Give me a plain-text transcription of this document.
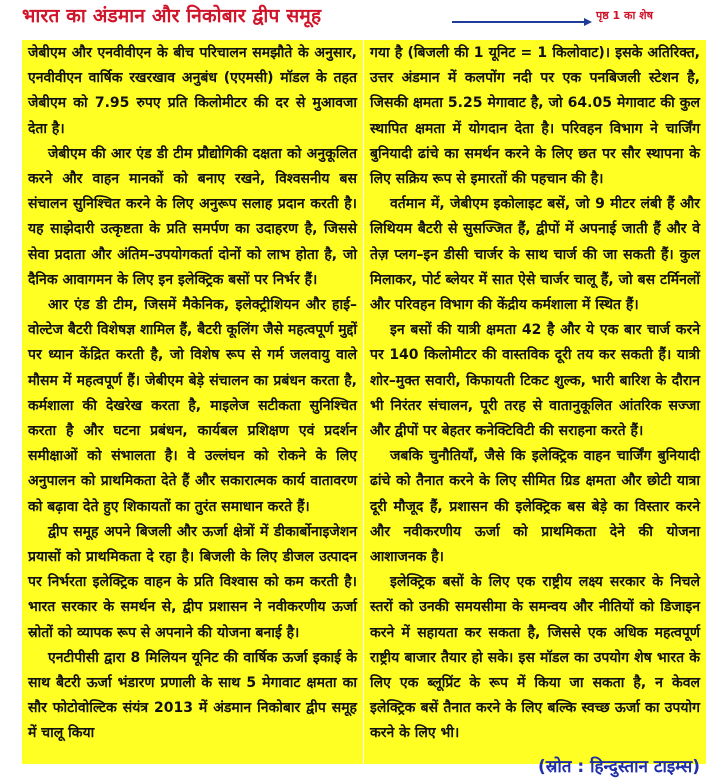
भारत का अंडमान और निकोबार द्वीप समूह	पृष्ठ 1 का शेष

जेबीएम और एनवीवीएन के बीच परिचालन समझौते के अनुसार, एनवीवीएन वार्षिक रखरखाव अनुबंध (एएमसी) मॉडल के तहत जेबीएम को 7.95 रुपए प्रति किलोमीटर की दर से मुआवजा देता है।

जेबीएम की आर एंड डी टीम प्रौद्योगिकी दक्षता को अनुकूलित करने और वाहन मानकों को बनाए रखने, विश्वसनीय बस संचालन सुनिश्चित करने के लिए अनुरूप सलाह प्रदान करती है। यह साझेदारी उत्कृष्टता के प्रति समर्पण का उदाहरण है, जिससे सेवा प्रदाता और अंतिम–उपयोगकर्ता दोनों को लाभ होता है, जो दैनिक आवागमन के लिए इन इलेक्ट्रिक बसों पर निर्भर हैं।

आर एंड डी टीम, जिसमें मैकेनिक, इलेक्ट्रीशियन और हाई–वोल्टेज बैटरी विशेषज्ञ शामिल हैं, बैटरी कूलिंग जैसे महत्वपूर्ण मुद्दों पर ध्यान केंद्रित करती है, जो विशेष रूप से गर्म जलवायु वाले मौसम में महत्वपूर्ण हैं। जेबीएम बेड़े संचालन का प्रबंधन करता है, कर्मशाला की देखरेख करता है, माइलेज सटीकता सुनिश्चित करता है और घटना प्रबंधन, कार्यबल प्रशिक्षण एवं प्रदर्शन समीक्षाओं को संभालता है। वे उल्लंघन को रोकने के लिए अनुपालन को प्राथमिकता देते हैं और सकारात्मक कार्य वातावरण को बढ़ावा देते हुए शिकायतों का तुरंत समाधान करते हैं।

द्वीप समूह अपने बिजली और ऊर्जा क्षेत्रों में डीकार्बोनाइजेशन प्रयासों को प्राथमिकता दे रहा है। बिजली के लिए डीजल उत्पादन पर निर्भरता इलेक्ट्रिक वाहन के प्रति विश्वास को कम करती है। भारत सरकार के समर्थन से, द्वीप प्रशासन ने नवीकरणीय ऊर्जा स्रोतों को व्यापक रूप से अपनाने की योजना बनाई है।

एनटीपीसी द्वारा 8 मिलियन यूनिट की वार्षिक ऊर्जा इकाई के साथ बैटरी ऊर्जा भंडारण प्रणाली के साथ 5 मेगावाट क्षमता का सौर फोटोवोल्टिक संयंत्र 2013 में अंडमान निकोबार द्वीप समूह में चालू किया

गया है (बिजली की 1 यूनिट = 1 किलोवाट)। इसके अतिरिक्त, उत्तर अंडमान में कलपोंग नदी पर एक पनबिजली स्टेशन है, जिसकी क्षमता 5.25 मेगावाट है, जो 64.05 मेगावाट की कुल स्थापित क्षमता में योगदान देता है। परिवहन विभाग ने चार्जिंग बुनियादी ढांचे का समर्थन करने के लिए छत पर सौर स्थापना के लिए सक्रिय रूप से इमारतों की पहचान की है।

वर्तमान में, जेबीएम इकोलाइट बसें, जो 9 मीटर लंबी हैं और लिथियम बैटरी से सुसज्जित हैं, द्वीपों में अपनाई जाती हैं और वे तेज़ प्लग–इन डीसी चार्जर के साथ चार्ज की जा सकती हैं। कुल मिलाकर, पोर्ट ब्लेयर में सात ऐसे चार्जर चालू हैं, जो बस टर्मिनलों और परिवहन विभाग की केंद्रीय कर्मशाला में स्थित हैं।

इन बसों की यात्री क्षमता 42 है और ये एक बार चार्ज करने पर 140 किलोमीटर की वास्तविक दूरी तय कर सकती हैं। यात्री शोर–मुक्त सवारी, किफायती टिकट शुल्क, भारी बारिश के दौरान भी निरंतर संचालन, पूरी तरह से वातानुकूलित आंतरिक सज्जा और द्वीपों पर बेहतर कनेक्टिविटी की सराहना करते हैं।

जबकि चुनौतियाँ, जैसे कि इलेक्ट्रिक वाहन चार्जिंग बुनियादी ढांचे को तैनात करने के लिए सीमित ग्रिड क्षमता और छोटी यात्रा दूरी मौजूद हैं, प्रशासन की इलेक्ट्रिक बस बेड़े का विस्तार करने और नवीकरणीय ऊर्जा को प्राथमिकता देने की योजना आशाजनक है।

इलेक्ट्रिक बसों के लिए एक राष्ट्रीय लक्ष्य सरकार के निचले स्तरों को उनकी समयसीमा के समन्वय और नीतियों को डिजाइन करने में सहायता कर सकता है, जिससे एक अधिक महत्वपूर्ण राष्ट्रीय बाजार तैयार हो सके। इस मॉडल का उपयोग शेष भारत के लिए एक ब्लूप्रिंट के रूप में किया जा सकता है, न केवल इलेक्ट्रिक बसें तैनात करने के लिए बल्कि स्वच्छ ऊर्जा का उपयोग करने के लिए भी।

(स्रोत : हिन्दुस्तान टाइम्स)
